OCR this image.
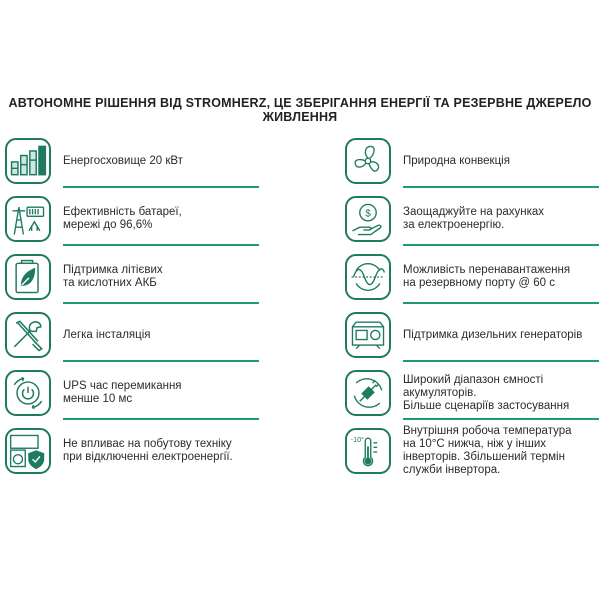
АВТОНОМНЕ РІШЕННЯ ВІД STROMHERZ, ЦЕ ЗБЕРІГАННЯ ЕНЕРГІЇ ТА РЕЗЕРВНЕ ДЖЕРЕЛО ЖИВЛЕННЯ
Енергосховище 20 кВт
Ефективність батареї,
мережі до 96,6%
Підтримка літієвих
та кислотних АКБ
Легка інсталяція
UPS час перемикання
менше 10 мс
Не впливає на побутову техніку
при відключенні електроенергії.
Природна конвекція
$	Заощаджуйте на рахунках
за електроенергію.
Можливість перенавантаження
на резервному порту @ 60 с
Підтримка дизельних генераторів
Широкий діапазон ємності
акумуляторів.
Більше сценаріїв застосування
-10°
Внутрішня робоча температура
на 10°C нижча, ніж у інших
інверторів. Збільшений термін
служби інвертора.
